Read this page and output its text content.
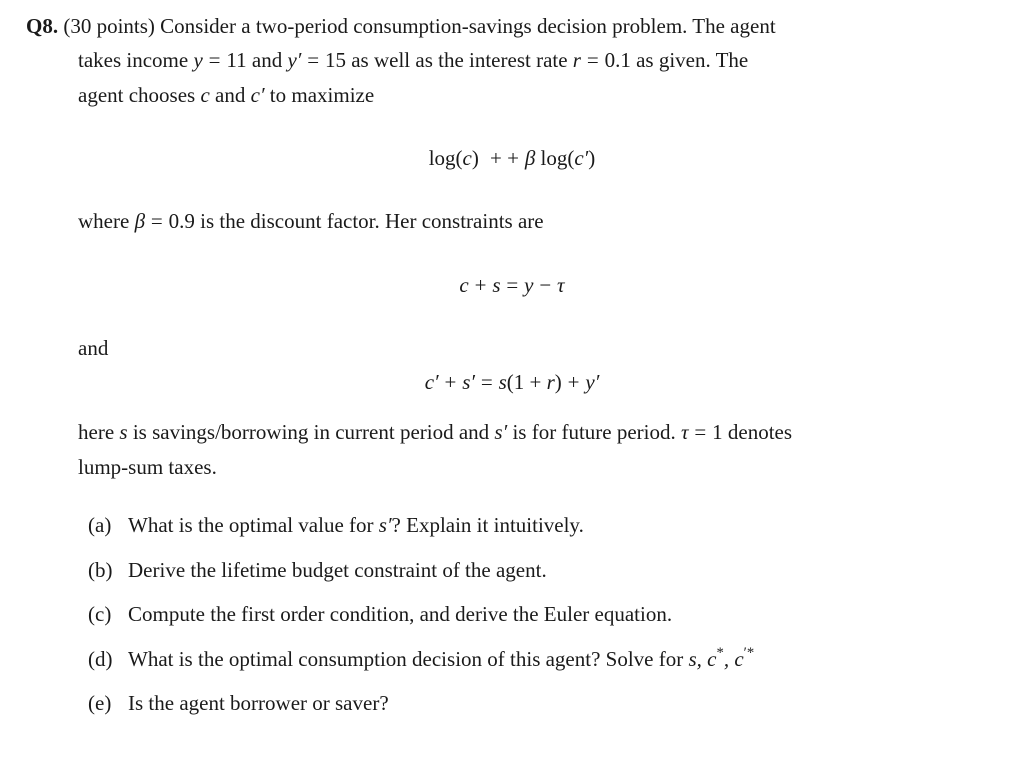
Q8. (30 points) Consider a two-period consumption-savings decision problem. The agent
takes income y = 11 and y′ = 15 as well as the interest rate r = 0.1 as given. The
agent chooses c and c′ to maximize
log(c) + + β log(c′)
where β = 0.9 is the discount factor. Her constraints are
c + s = y − τ
and
c′ + s′ = s(1 + r) + y′
here s is savings/borrowing in current period and s′ is for future period. τ = 1 denotes
lump-sum taxes.
(a) What is the optimal value for s′? Explain it intuitively.
(b) Derive the lifetime budget constraint of the agent.
(c) Compute the first order condition, and derive the Euler equation.
(d) What is the optimal consumption decision of this agent? Solve for s, c*, c′*
(e) Is the agent borrower or saver?
